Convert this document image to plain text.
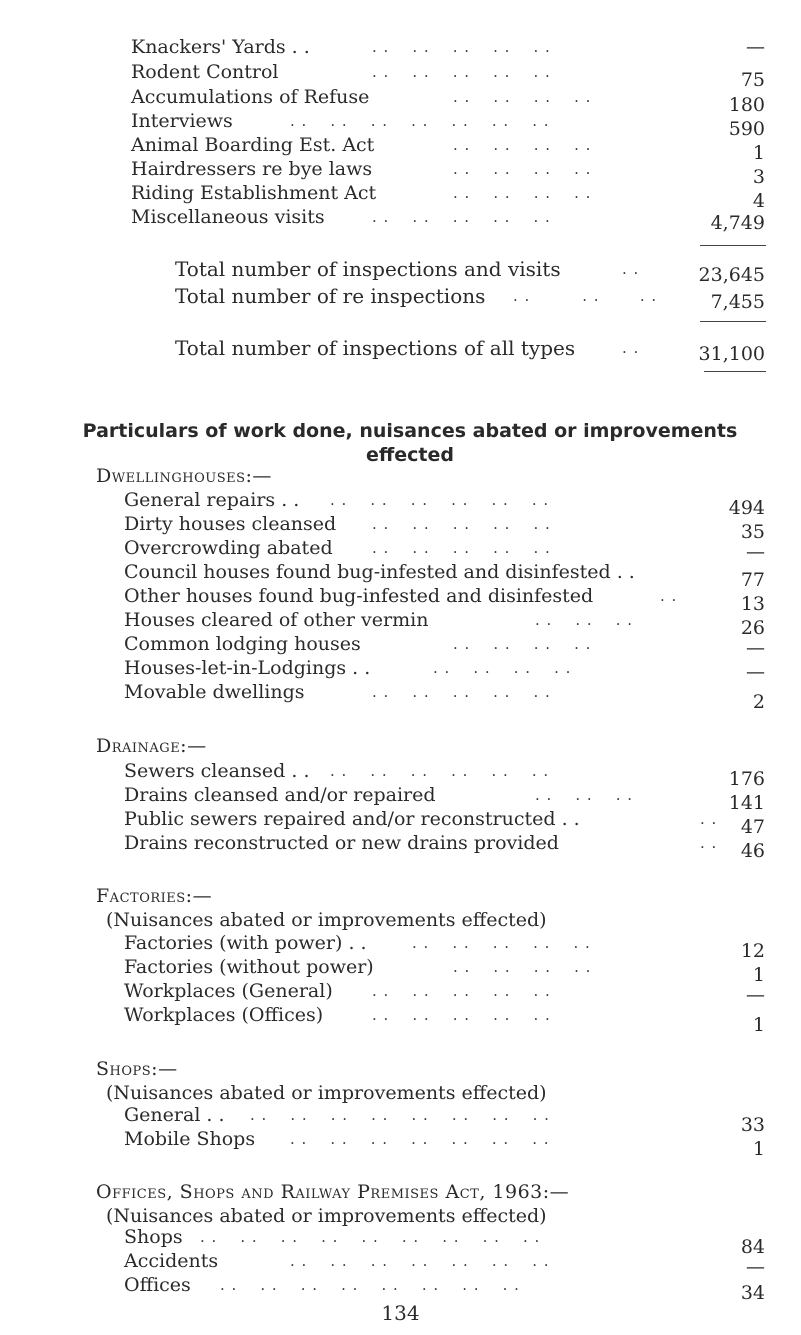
Knackers' Yards . .	. .    . .    . .    . .    . .	—
Rodent Control	. .    . .    . .    . .    . .	75
Accumulations of Refuse	. .    . .    . .    . .	180
Interviews	. .    . .    . .    . .    . .    . .    . .	590
Animal Boarding Est. Act	. .    . .    . .    . .	1
Hairdressers re bye laws	. .    . .    . .    . .	3
Riding Establishment Act	. .    . .    . .    . .	4
Miscellaneous visits	. .    . .    . .    . .    . .	4,749
Total number of inspections and visits	. .	23,645
Total number of re inspections . .         . .       . .	7,455
Total number of inspections of all types	. .	31,100
Particulars of work done, nuisances abated or improvements
effected
Dwellinghouses:—
General repairs . . . .    . .    . .    . .    . .    . .	494
Dirty houses cleansed . .    . .    . .    . .    . .	35
Overcrowding abated	. .    . .    . .    . .    . .	—
Council houses found bug-infested and disinfested . .	77
Other houses found bug-infested and disinfested	. .	13
Houses cleared of other vermin	. .    . .    . .	26
Common lodging houses	. .    . .    . .    . .	—
Houses-let-in-Lodgings . .	. .    . .    . .    . .	—
Movable dwellings	. .    . .    . .    . .    . .	2
Drainage:—
Sewers cleansed . . . .    . .    . .    . .    . .    . .	176
Drains cleansed and/or repaired	. .    . .    . .	141
Public sewers repaired and/or reconstructed . .	. . 47
Drains reconstructed or new drains provided	. . 46
Factories:—
(Nuisances abated or improvements effected)
Factories (with power) . .	. .    . .    . .    . .    . .	12
Factories (without power)	. .    . .    . .    . .	1
Workplaces (General)	. .    . .    . .    . .    . .	—
Workplaces (Offices)	. .    . .    . .    . .    . .	1
Shops:—
(Nuisances abated or improvements effected)
General . . . .    . .    . .    . .    . .    . .    . .    . .	33
Mobile Shops . .    . .    . .    . .    . .    . .    . .	1
Offices, Shops and Railway Premises Act, 1963:—
(Nuisances abated or improvements effected)
Shops . .    . .    . .    . .    . .    . .    . .    . .    . .	84
Accidents	. .    . .    . .    . .    . .    . .    . .	—
Offices . .    . .    . .    . .    . .    . .    . .    . .	34
134
